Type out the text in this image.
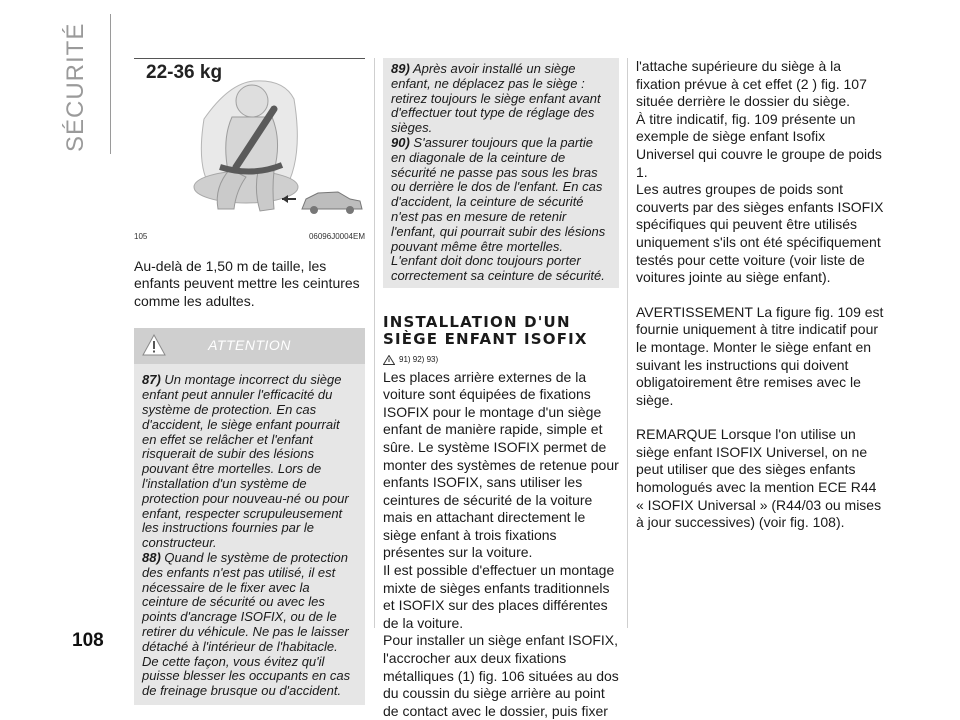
SÉCURITÉ	22-36 kg
105	06096J0004EM

Au-delà de 1,50 m de taille, les enfants peuvent mettre les ceintures comme les adultes.

ATTENTION

87) Un montage incorrect du siège enfant peut annuler l'efficacité du système de protection. En cas d'accident, le siège enfant pourrait en effet se relâcher et l'enfant risquerait de subir des lésions pouvant être mortelles. Lors de l'installation d'un système de protection pour nouveau-né ou pour enfant, respecter scrupuleusement les instructions fournies par le constructeur.

88) Quand le système de protection des enfants n'est pas utilisé, il est nécessaire de le fixer avec la ceinture de sécurité ou avec les points d'ancrage ISOFIX, ou de le retirer du véhicule. Ne pas le laisser détaché à l'intérieur de l'habitacle. De cette façon, vous évitez qu'il puisse blesser les occupants en cas de freinage brusque ou d'accident.

89) Après avoir installé un siège enfant, ne déplacez pas le siège : retirez toujours le siège enfant avant d'effectuer tout type de réglage des sièges.

90) S'assurer toujours que la partie en diagonale de la ceinture de sécurité ne passe pas sous les bras ou derrière le dos de l'enfant. En cas d'accident, la ceinture de sécurité n'est pas en mesure de retenir l'enfant, qui pourrait subir des lésions pouvant même être mortelles. L'enfant doit donc toujours porter correctement sa ceinture de sécurité.

INSTALLATION D'UN SIÈGE ENFANT ISOFIX
91) 92) 93)

Les places arrière externes de la voiture sont équipées de fixations ISOFIX pour le montage d'un siège enfant de manière rapide, simple et sûre. Le système ISOFIX permet de monter des systèmes de retenue pour enfants ISOFIX, sans utiliser les ceintures de sécurité de la voiture mais en attachant directement le siège enfant à trois fixations présentes sur la voiture.

Il est possible d'effectuer un montage mixte de sièges enfants traditionnels et ISOFIX sur des places différentes de la voiture.

Pour installer un siège enfant ISOFIX, l'accrocher aux deux fixations métalliques (1) fig. 106 situées au dos du coussin du siège arrière au point de contact avec le dossier, puis fixer

l'attache supérieure du siège à la fixation prévue à cet effet (2 ) fig. 107 située derrière le dossier du siège.

À titre indicatif, fig. 109 présente un exemple de siège enfant Isofix Universel qui couvre le groupe de poids 1.

Les autres groupes de poids sont couverts par des sièges enfants ISOFIX spécifiques qui peuvent être utilisés uniquement s'ils ont été spécifiquement testés pour cette voiture (voir liste de voitures jointe au siège enfant).

AVERTISSEMENT La figure fig. 109 est fournie uniquement à titre indicatif pour le montage. Monter le siège enfant en suivant les instructions qui doivent obligatoirement être remises avec le siège.

REMARQUE Lorsque l'on utilise un siège enfant ISOFIX Universel, on ne peut utiliser que des sièges enfants homologués avec la mention ECE R44 « ISOFIX Universal » (R44/03 ou mises à jour successives) (voir fig. 108).

108
